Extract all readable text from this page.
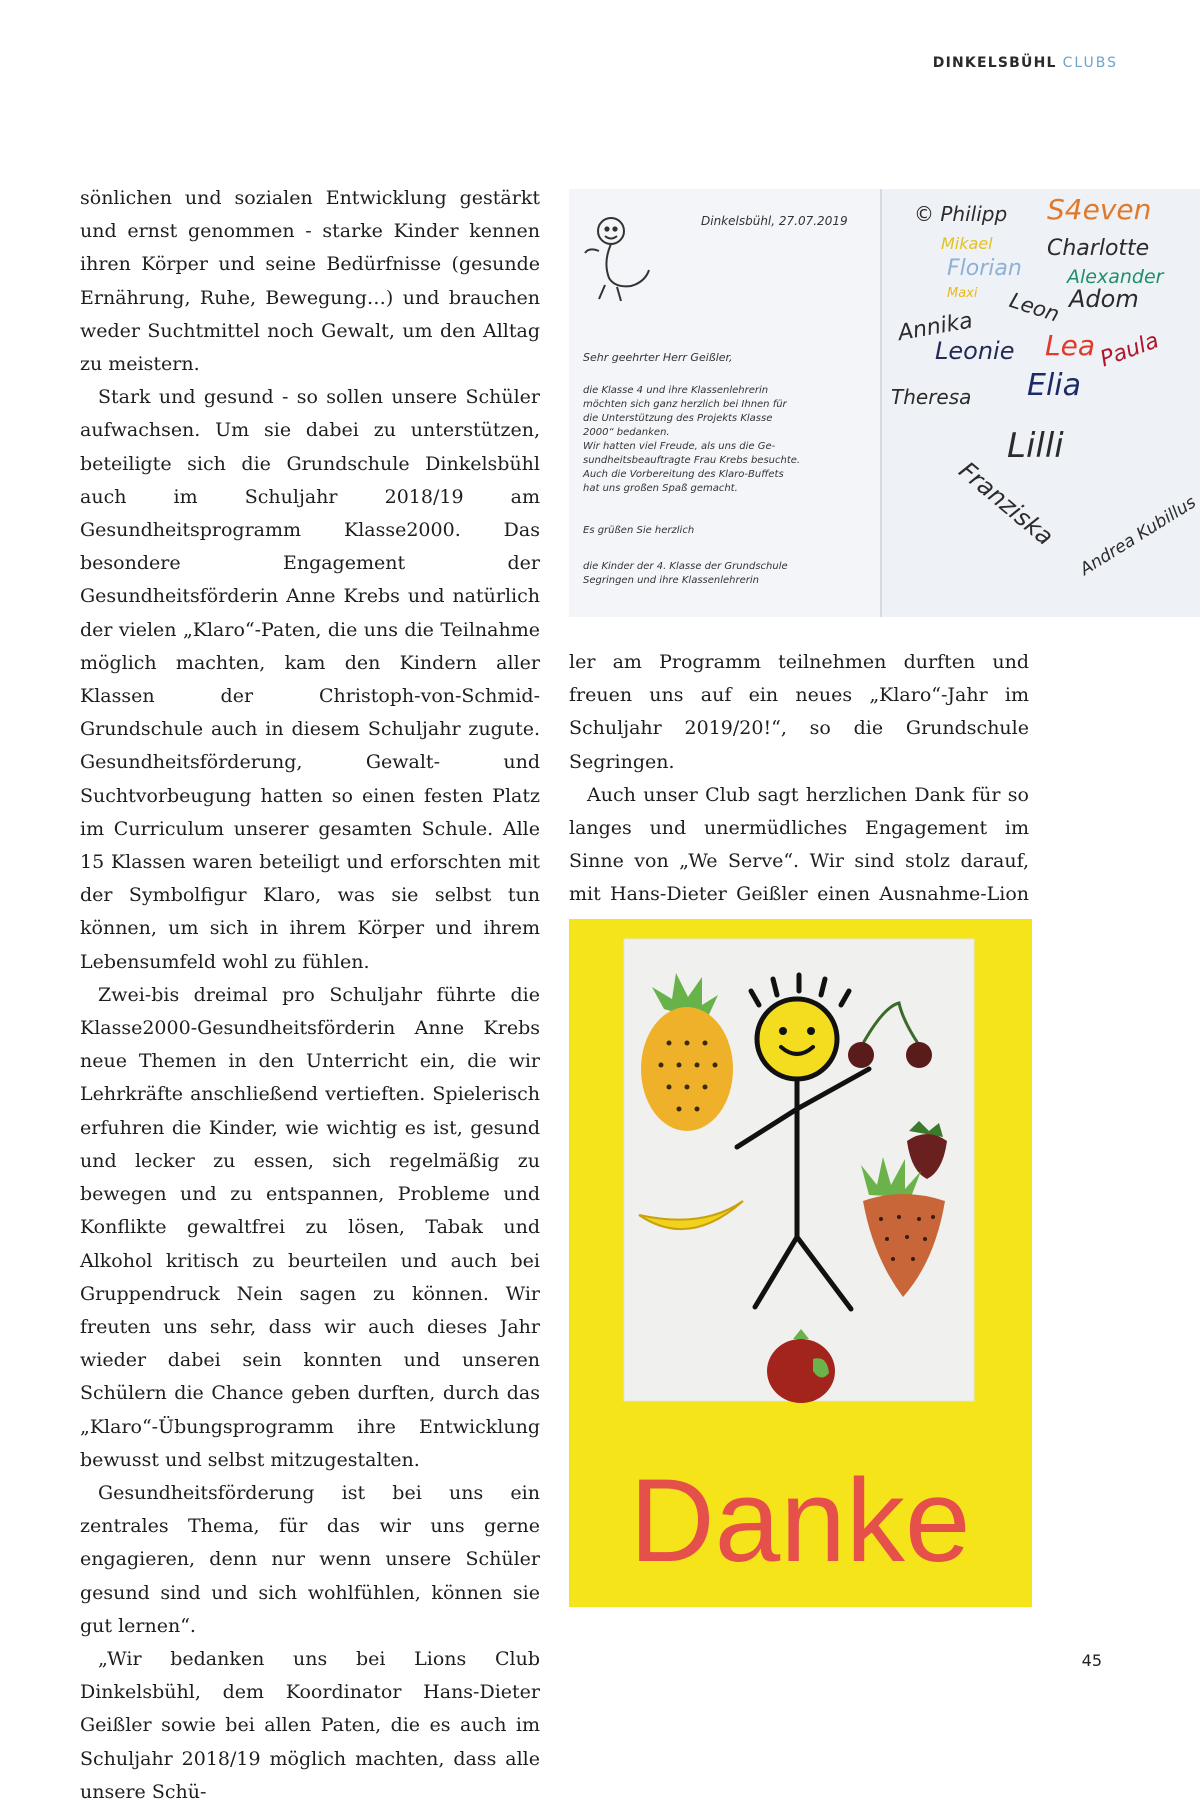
DINKELSBÜHL CLUBS

sönlichen und sozialen Entwicklung gestärkt und ernst genommen - starke Kinder kennen ihren Körper und seine Bedürfnisse (gesunde Ernährung, Ruhe, Bewegung…) und brauchen weder Suchtmittel noch Gewalt, um den Alltag zu meistern.

Stark und gesund - so sollen unsere Schüler aufwachsen. Um sie dabei zu unterstützen, beteiligte sich die Grundschule Dinkelsbühl auch im Schuljahr 2018/19 am Gesundheitsprogramm Klasse2000. Das besondere Engagement der Gesundheitsförderin Anne Krebs und natürlich der vielen „Klaro“-Paten, die uns die Teilnahme möglich machten, kam den Kindern aller Klassen der Christoph-von-Schmid-Grundschule auch in diesem Schuljahr zugute. Gesundheitsförderung, Gewalt- und Suchtvorbeugung hatten so einen festen Platz im Curriculum unserer gesamten Schule. Alle 15 Klassen waren beteiligt und erforschten mit der Symbolfigur Klaro, was sie selbst tun können, um sich in ihrem Körper und ihrem Lebensumfeld wohl zu fühlen.

Zwei-bis dreimal pro Schuljahr führte die Klasse2000-Gesundheitsförderin Anne Krebs neue Themen in den Unterricht ein, die wir Lehrkräfte anschließend vertieften. Spielerisch erfuhren die Kinder, wie wichtig es ist, gesund und lecker zu essen, sich regelmäßig zu bewegen und zu entspannen, Probleme und Konflikte gewaltfrei zu lösen, Tabak und Alkohol kritisch zu beurteilen und auch bei Gruppendruck Nein sagen zu können. Wir freuten uns sehr, dass wir auch dieses Jahr wieder dabei sein konnten und unseren Schülern die Chance geben durften, durch das „Klaro“-Übungsprogramm ihre Entwicklung bewusst und selbst mitzugestalten.

Gesundheitsförderung ist bei uns ein zentrales Thema, für das wir uns gerne engagieren, denn nur wenn unsere Schüler gesund sind und sich wohlfühlen, können sie gut lernen“.

„Wir bedanken uns bei Lions Club Dinkelsbühl, dem Koordinator Hans-Dieter Geißler sowie bei allen Paten, die es auch im Schuljahr 2018/19 möglich machten, dass alle unsere Schü-

ler am Programm teilnehmen durften und freuen uns auf ein neues „Klaro“-Jahr im Schuljahr 2019/20!“, so die Grundschule Segringen.

Auch unser Club sagt herzlichen Dank für so langes und unermüdliches Engagement im Sinne von „We Serve“. Wir sind stolz darauf, mit Hans-Dieter Geißler einen Ausnahme-Lion
L

Dinkelsbühl, 27.07.2019
Sehr geehrter Herr Geißler,
die Klasse 4 und ihre Klassenlehrerin
möchten sich ganz herzlich bei Ihnen für
die Unterstützung des Projekts Klasse
2000“ bedanken.
Wir hatten viel Freude, als uns die Ge-
sundheitsbeauftragte Frau Krebs besuchte.
Auch die Vorbereitung des Klaro-Buffets
hat uns großen Spaß gemacht.
Es grüßen Sie herzlich
die Kinder der 4. Klasse der Grundschule
Segringen und ihre Klassenlehrerin
© Philipp S4even
Mikael Charlotte
Florian Alexander
Maxi Leon Adom
Annika
Leonie Lea Paula
Theresa Elia
Lilli
Franziska Andrea Kubillus
Danke
45
